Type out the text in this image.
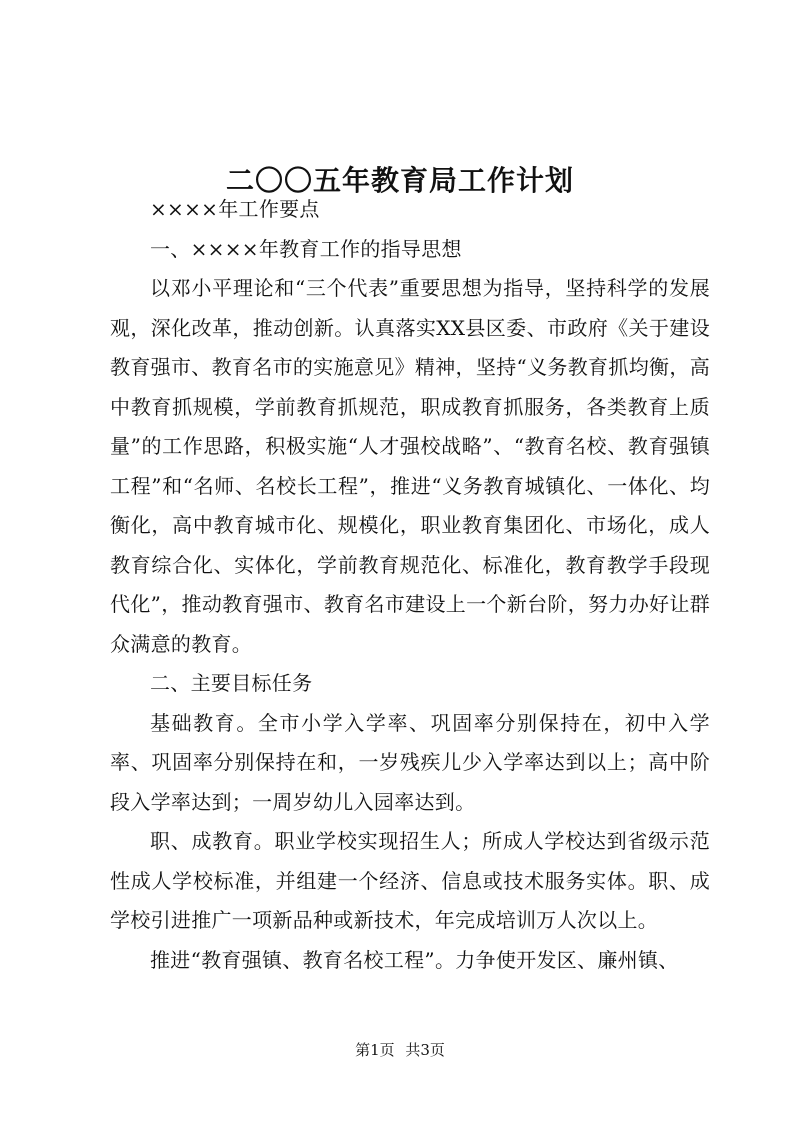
二〇〇五年教育局工作计划

××××年工作要点

一、××××年教育工作的指导思想

以邓小平理论和“三个代表”重要思想为指导，坚持科学的发展观，深化改革，推动创新。认真落实XX县区委、市政府《关于建设教育强市、教育名市的实施意见》精神，坚持“义务教育抓均衡，高中教育抓规模，学前教育抓规范，职成教育抓服务，各类教育上质量”的工作思路，积极实施“人才强校战略”、“教育名校、教育强镇工程”和“名师、名校长工程”，推进“义务教育城镇化、一体化、均衡化，高中教育城市化、规模化，职业教育集团化、市场化，成人教育综合化、实体化，学前教育规范化、标准化，教育教学手段现代化”，推动教育强市、教育名市建设上一个新台阶，努力办好让群众满意的教育。

二、主要目标任务

基础教育。全市小学入学率、巩固率分别保持在，初中入学率、巩固率分别保持在和，一岁残疾儿少入学率达到以上；高中阶段入学率达到；一周岁幼儿入园率达到。

职、成教育。职业学校实现招生人；所成人学校达到省级示范性成人学校标准，并组建一个经济、信息或技术服务实体。职、成学校引进推广一项新品种或新技术，年完成培训万人次以上。

推进“教育强镇、教育名校工程”。力争使开发区、廉州镇、

第1页 共3页
